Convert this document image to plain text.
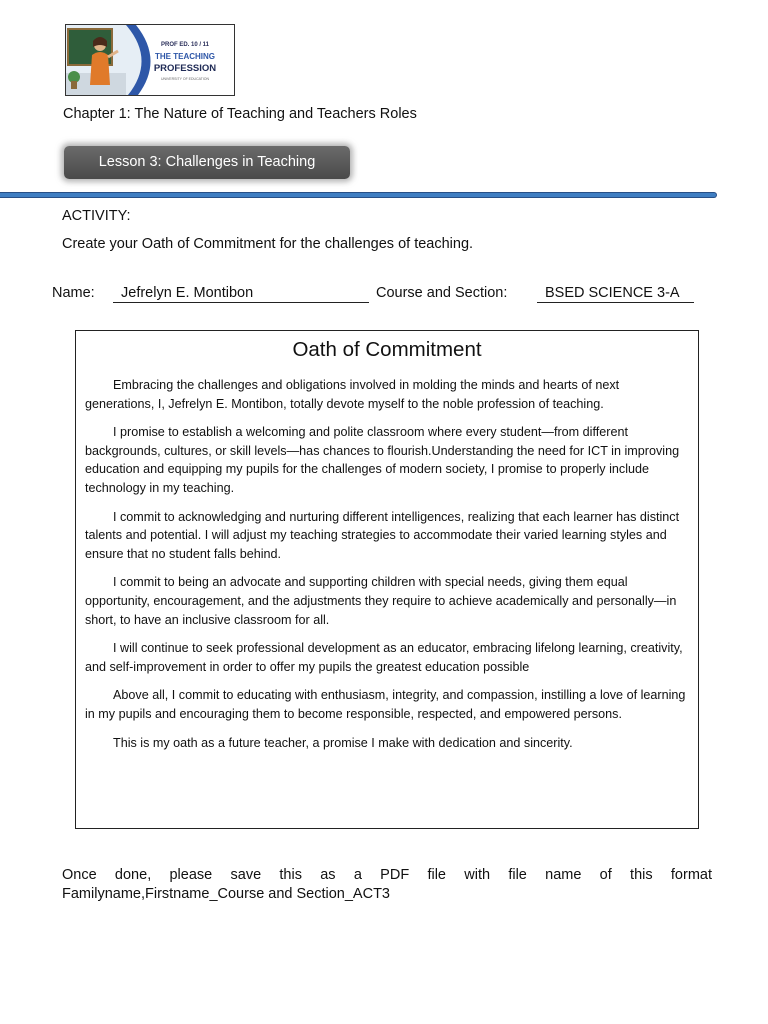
PROF ED. 10 / 11
THE TEACHING
PROFESSION
UNIVERSITY OF EDUCATION
Chapter 1: The Nature of Teaching and Teachers Roles
Lesson 3: Challenges in Teaching
ACTIVITY:
Create your Oath of Commitment for the challenges of teaching.
Name:	Jefrelyn E. Montibon	Course and Section:	BSED SCIENCE 3-A
Oath of Commitment

Embracing the challenges and obligations involved in molding the minds and hearts of next generations, I, Jefrelyn E. Montibon, totally devote myself to the noble profession of teaching.

I promise to establish a welcoming and polite classroom where every student—from different backgrounds, cultures, or skill levels—has chances to flourish.Understanding the need for ICT in improving education and equipping my pupils for the challenges of modern society, I promise to properly include technology in my teaching.

I commit to acknowledging and nurturing different intelligences, realizing that each learner has distinct talents and potential. I will adjust my teaching strategies to accommodate their varied learning styles and ensure that no student falls behind.

I commit to being an advocate and supporting children with special needs, giving them equal opportunity, encouragement, and the adjustments they require to achieve academically and personally—in short, to have an inclusive classroom for all.

I will continue to seek professional development as an educator, embracing lifelong learning, creativity, and self-improvement in order to offer my pupils the greatest education possible

Above all, I commit to educating with enthusiasm, integrity, and compassion, instilling a love of learning in my pupils and encouraging them to become responsible, respected, and empowered persons.

This is my oath as a future teacher, a promise I make with dedication and sincerity.

Once done, please save this as a PDF file with file name of this format
Familyname,Firstname_Course and Section_ACT3
